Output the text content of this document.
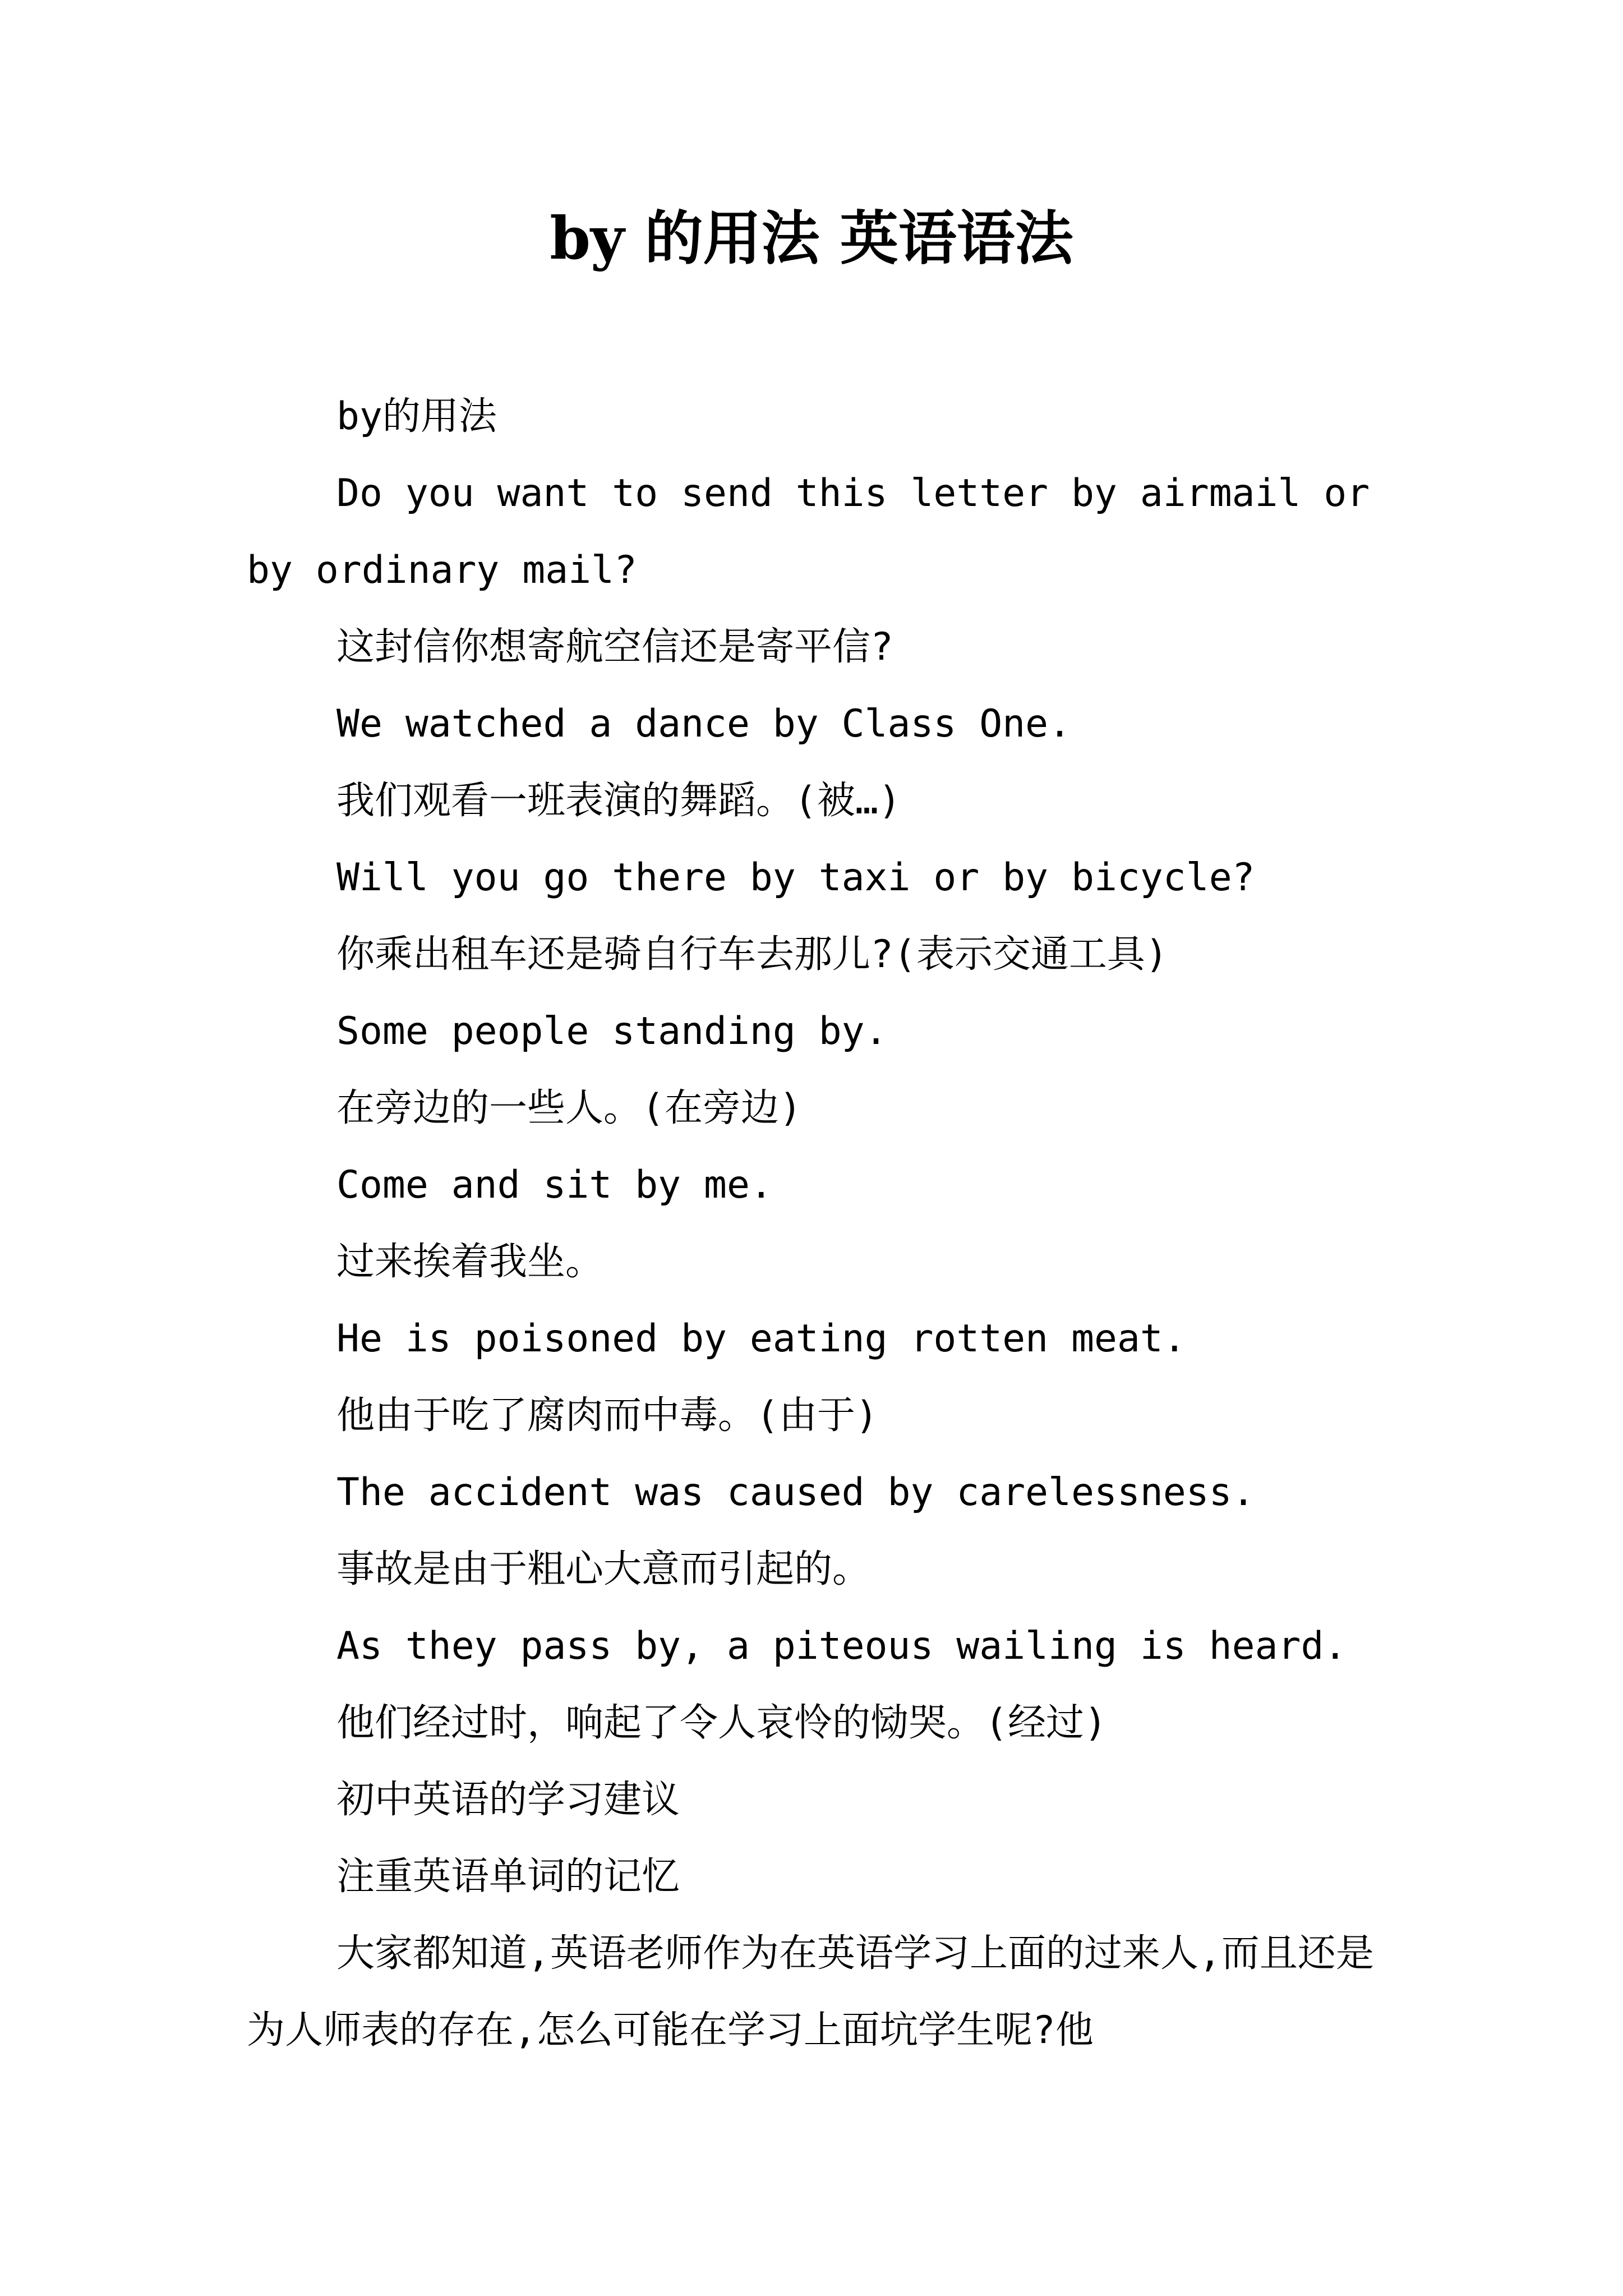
by 的用法 英语语法

by的用法

Do you want to send this letter by airmail or by ordinary mail?

这封信你想寄航空信还是寄平信?

We watched a dance by Class One.

我们观看一班表演的舞蹈。(被…)

Will you go there by taxi or by bicycle?

你乘出租车还是骑自行车去那儿?(表示交通工具)

Some people standing by.

在旁边的一些人。(在旁边)

Come and sit by me.

过来挨着我坐。

He is poisoned by eating rotten meat.

他由于吃了腐肉而中毒。(由于)

The accident was caused by carelessness.

事故是由于粗心大意而引起的。

As they pass by, a piteous wailing is heard.

他们经过时，响起了令人哀怜的恸哭。(经过)

初中英语的学习建议

注重英语单词的记忆

大家都知道,英语老师作为在英语学习上面的过来人,而且还是为人师表的存在,怎么可能在学习上面坑学生呢?他
